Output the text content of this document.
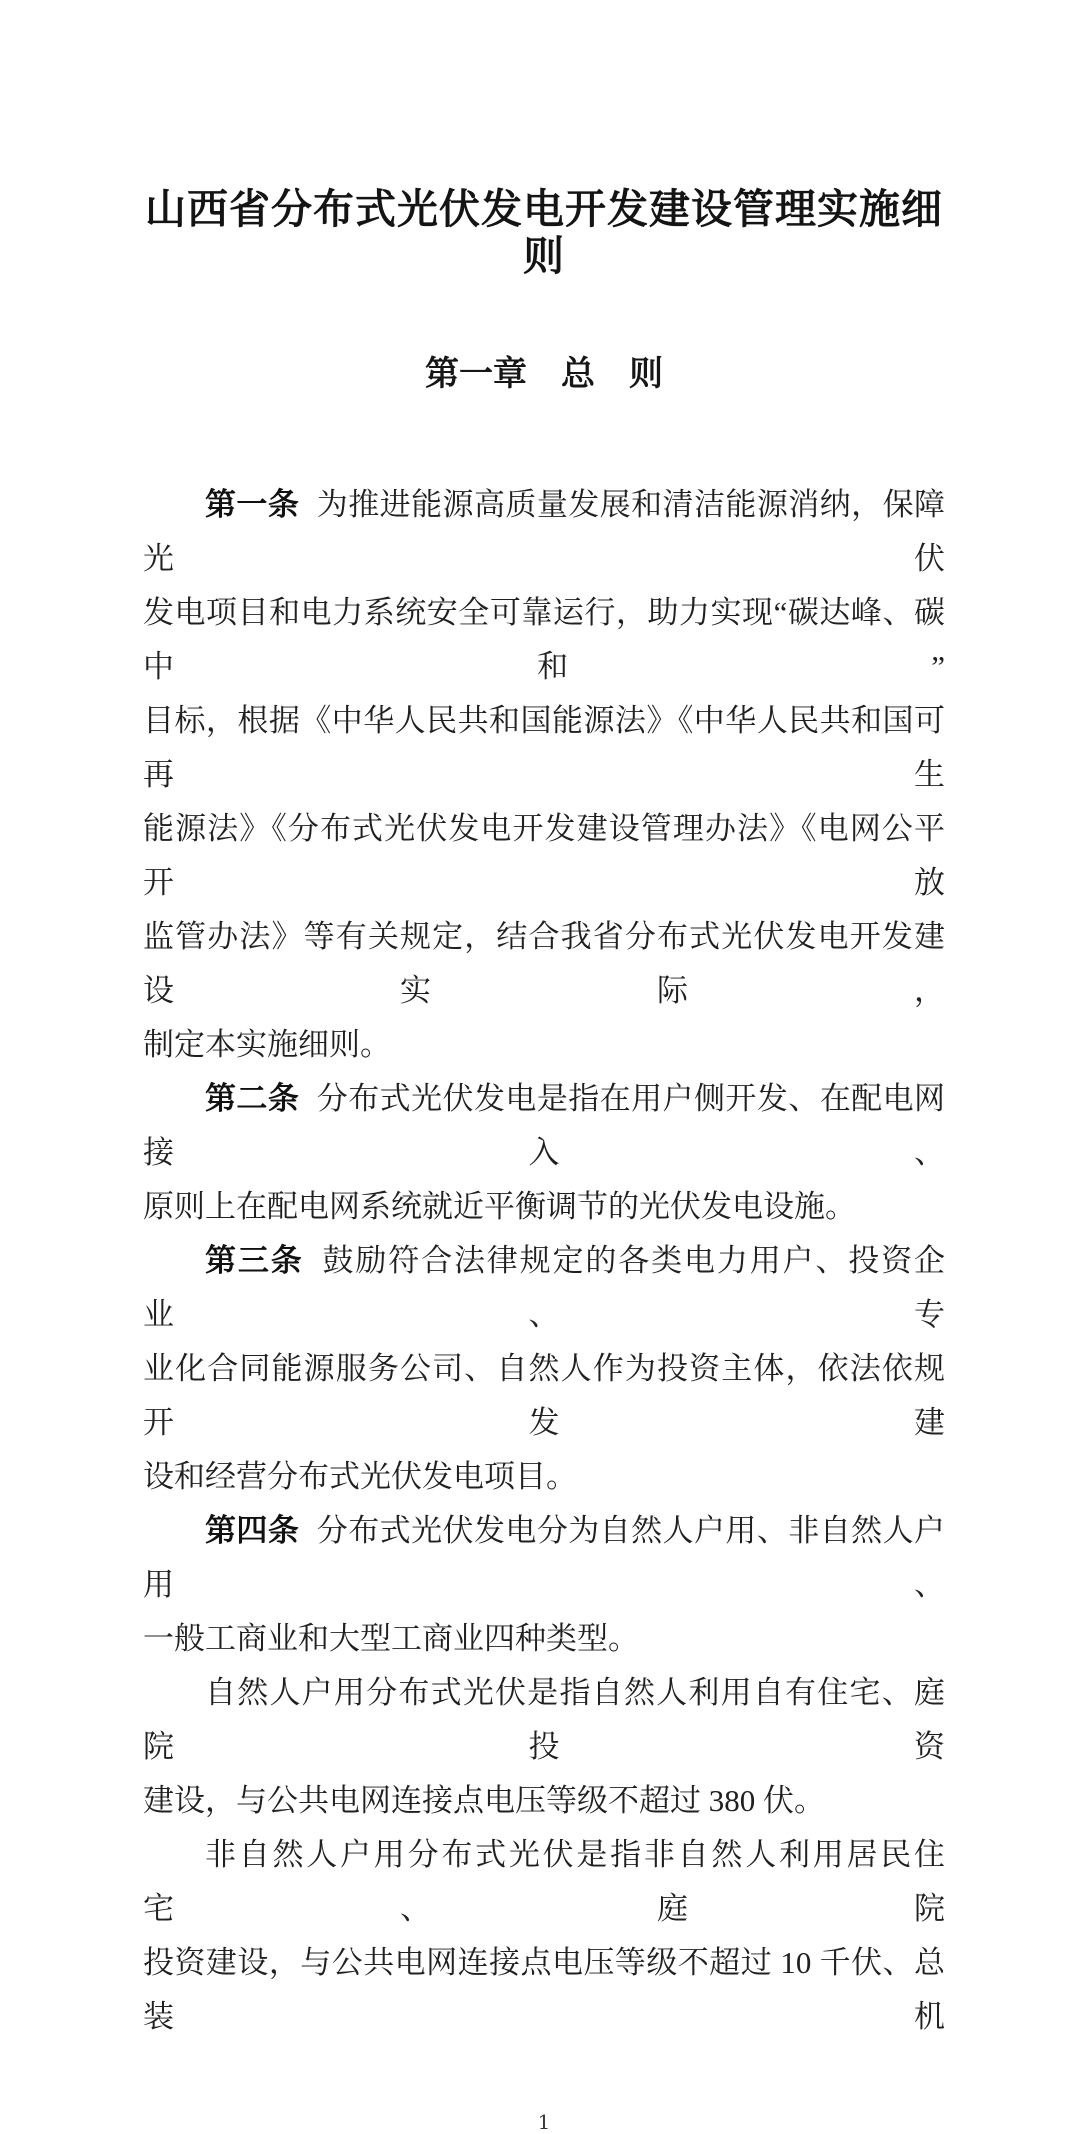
山西省分布式光伏发电开发建设管理实施细则
第一章　总　则
第一条 为推进能源高质量发展和清洁能源消纳，保障光伏
发电项目和电力系统安全可靠运行，助力实现“碳达峰、碳中和”
目标，根据《中华人民共和国能源法》《中华人民共和国可再生
能源法》《分布式光伏发电开发建设管理办法》《电网公平开放
监管办法》等有关规定，结合我省分布式光伏发电开发建设实际，
制定本实施细则。
第二条 分布式光伏发电是指在用户侧开发、在配电网接入、
原则上在配电网系统就近平衡调节的光伏发电设施。
第三条 鼓励符合法律规定的各类电力用户、投资企业、专
业化合同能源服务公司、自然人作为投资主体，依法依规开发建
设和经营分布式光伏发电项目。
第四条 分布式光伏发电分为自然人户用、非自然人户用、
一般工商业和大型工商业四种类型。
自然人户用分布式光伏是指自然人利用自有住宅、庭院投资
建设，与公共电网连接点电压等级不超过 380 伏。
非自然人户用分布式光伏是指非自然人利用居民住宅、庭院
投资建设，与公共电网连接点电压等级不超过 10 千伏、总装机
1
